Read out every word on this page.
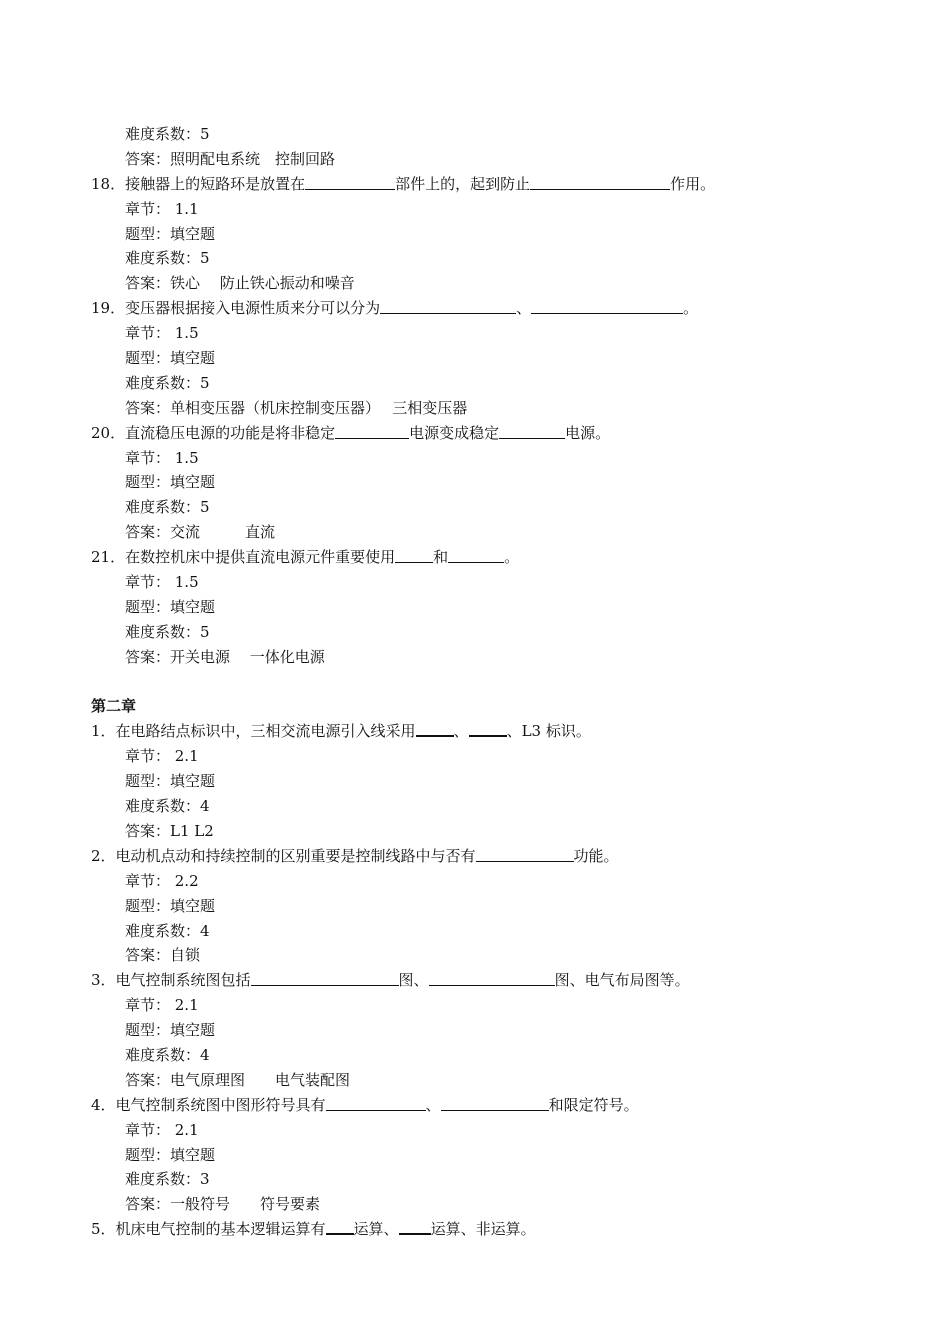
难度系数：5
答案：照明配电系统　控制回路
18．接触器上的短路环是放置在	部件上的，起到防止	作用。
章节： 1.1
题型：填空题
难度系数：5
答案：铁心　 防止铁心振动和噪音
19．变压器根据接入电源性质来分可以分为	、	。
章节： 1.5
题型：填空题
难度系数：5
答案：单相变压器（机床控制变压器）　 三相变压器
20．直流稳压电源的功能是将非稳定	电源变成稳定	电源。
章节： 1.5
题型：填空题
难度系数：5
答案：交流　　　直流
21．在数控机床中提供直流电源元件重要使用	和	。
章节： 1.5
题型：填空题
难度系数：5
答案：开关电源　 一体化电源
第二章
1．在电路结点标识中，三相交流电源引入线采用	、	、L3 标识。
章节： 2.1
题型：填空题
难度系数：4
答案：L1 L2
2．电动机点动和持续控制的区别重要是控制线路中与否有	功能。
章节： 2.2
题型：填空题
难度系数：4
答案：自锁
3．电气控制系统图包括	图、	图、电气布局图等。
章节： 2.1
题型：填空题
难度系数：4
答案：电气原理图　　电气装配图
4．电气控制系统图中图形符号具有	、	和限定符号。
章节： 2.1
题型：填空题
难度系数：3
答案：一般符号　　符号要素
5．机床电气控制的基本逻辑运算有 运算、 运算、非运算。
